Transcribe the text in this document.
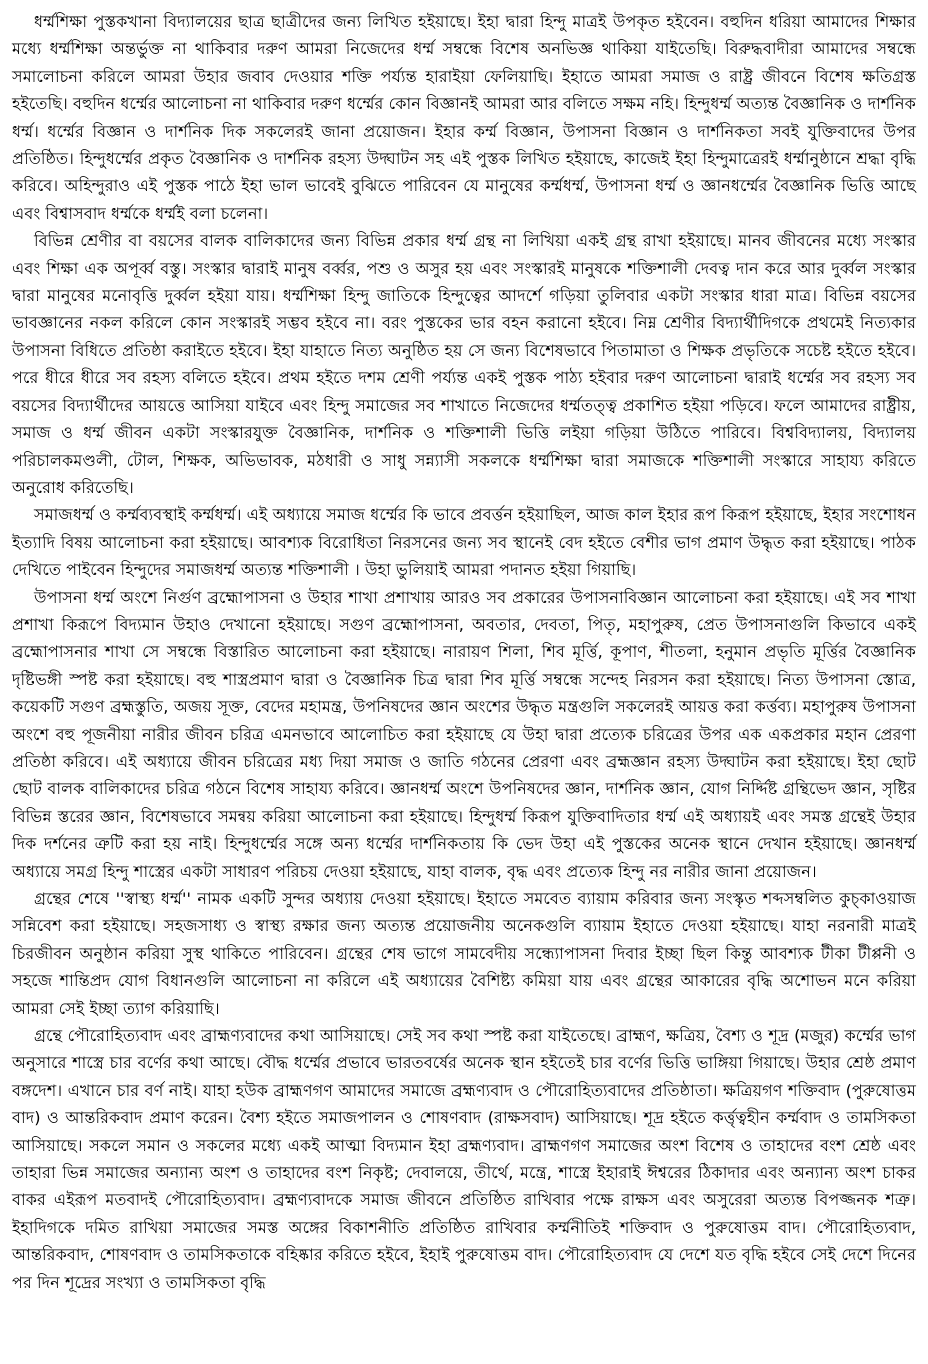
ধর্ম্মশিক্ষা পুস্তকখানা বিদ্যালয়ের ছাত্র ছাত্রীদের জন্য লিখিত হইয়াছে। ইহা দ্বারা হিন্দু মাত্রই উপকৃত হইবেন। বহুদিন ধরিয়া আমাদের শিক্ষার মধ্যে ধর্ম্মশিক্ষা অন্তর্ভুক্ত না থাকিবার দরুণ আমরা নিজেদের ধর্ম্ম সম্বন্ধে বিশেষ অনভিজ্ঞ থাকিয়া যাইতেছি। বিরুদ্ধবাদীরা আমাদের সম্বন্ধে সমালোচনা করিলে আমরা উহার জবাব দেওয়ার শক্তি পর্য্যন্ত হারাইয়া ফেলিয়াছি। ইহাতে আমরা সমাজ ও রাষ্ট্র জীবনে বিশেষ ক্ষতিগ্রস্ত হইতেছি। বহুদিন ধর্ম্মের আলোচনা না থাকিবার দরুণ ধর্ম্মের কোন বিজ্ঞানই আমরা আর বলিতে সক্ষম নহি। হিন্দুধর্ম্ম অত্যন্ত বৈজ্ঞানিক ও দার্শনিক ধর্ম্ম। ধর্ম্মের বিজ্ঞান ও দার্শনিক দিক সকলেরই জানা প্রয়োজন। ইহার কর্ম্ম বিজ্ঞান, উপাসনা বিজ্ঞান ও দার্শনিকতা সবই যুক্তিবাদের উপর প্রতিষ্ঠিত। হিন্দুধর্ম্মের প্রকৃত বৈজ্ঞানিক ও দার্শনিক রহস্য উদ্ঘাটন সহ এই পুস্তক লিখিত হইয়াছে, কাজেই ইহা হিন্দুমাত্রেরই ধর্ম্মানুষ্ঠানে শ্রদ্ধা বৃদ্ধি করিবে। অহিন্দুরাও এই পুস্তক পাঠে ইহা ভাল ভাবেই বুঝিতে পারিবেন যে মানুষের কর্ম্মধর্ম্ম, উপাসনা ধর্ম্ম ও জ্ঞানধর্ম্মের বৈজ্ঞানিক ভিত্তি আছে এবং বিশ্বাসবাদ ধর্ম্মকে ধর্ম্মই বলা চলেনা।

বিভিন্ন শ্রেণীর বা বয়সের বালক বালিকাদের জন্য বিভিন্ন প্রকার ধর্ম্ম গ্রন্থ না লিখিয়া একই গ্রন্থ রাখা হইয়াছে। মানব জীবনের মধ্যে সংস্কার এবং শিক্ষা এক অপূর্ব্ব বস্তু। সংস্কার দ্বারাই মানুষ বর্ব্বর, পশু ও অসুর হয় এবং সংস্কারই মানুষকে শক্তিশালী দেবত্ব দান করে আর দুর্ব্বল সংস্কার দ্বারা মানুষের মনোবৃত্তি দুর্ব্বল হইয়া যায়। ধর্ম্মশিক্ষা হিন্দু জাতিকে হিন্দুত্বের আদর্শে গড়িয়া তুলিবার একটা সংস্কার ধারা মাত্র। বিভিন্ন বয়সের ভাবজ্ঞানের নকল করিলে কোন সংস্কারই সম্ভব হইবে না। বরং পুস্তকের ভার বহন করানো হইবে। নিম্ন শ্রেণীর বিদ্যার্থীদিগকে প্রথমেই নিত্যকার উপাসনা বিধিতে প্রতিষ্ঠা করাইতে হইবে। ইহা যাহাতে নিত্য অনুষ্ঠিত হয় সে জন্য বিশেষভাবে পিতামাতা ও শিক্ষক প্রভৃতিকে সচেষ্ট হইতে হইবে। পরে ধীরে ধীরে সব রহস্য বলিতে হইবে। প্রথম হইতে দশম শ্রেণী পর্য্যন্ত একই পুস্তক পাঠ্য হইবার দরুণ আলোচনা দ্বারাই ধর্ম্মের সব রহস্য সব বয়সের বিদ্যার্থীদের আয়ত্তে আসিয়া যাইবে এবং হিন্দু সমাজের সব শাখাতে নিজেদের ধর্ম্মতত্ত্ব প্রকাশিত হইয়া পড়িবে। ফলে আমাদের রাষ্ট্রীয়, সমাজ ও ধর্ম্ম জীবন একটা সংস্কারযুক্ত বৈজ্ঞানিক, দার্শনিক ও শক্তিশালী ভিত্তি লইয়া গড়িয়া উঠিতে পারিবে। বিশ্ববিদ্যালয়, বিদ্যালয় পরিচালকমণ্ডলী, টোল, শিক্ষক, অভিভাবক, মঠধারী ও সাধু সন্ন্যাসী সকলকে ধর্ম্মশিক্ষা দ্বারা সমাজকে শক্তিশালী সংস্কারে সাহায্য করিতে অনুরোধ করিতেছি।

সমাজধর্ম্ম ও কর্ম্মব্যবস্থাই কর্ম্মধর্ম্ম। এই অধ্যায়ে সমাজ ধর্ম্মের কি ভাবে প্রবর্ত্তন হইয়াছিল, আজ কাল ইহার রূপ কিরূপ হইয়াছে, ইহার সংশোধন ইত্যাদি বিষয় আলোচনা করা হইয়াছে। আবশ্যক বিরোধিতা নিরসনের জন্য সব স্থানেই বেদ হইতে বেশীর ভাগ প্রমাণ উদ্ধৃত করা হইয়াছে। পাঠক দেখিতে পাইবেন হিন্দুদের সমাজধর্ম্ম অত্যন্ত শক্তিশালী । উহা ভুলিয়াই আমরা পদানত হইয়া গিয়াছি।

উপাসনা ধর্ম্ম অংশে নির্গুণ ব্রহ্মোপাসনা ও উহার শাখা প্রশাখায় আরও সব প্রকারের উপাসনাবিজ্ঞান আলোচনা করা হইয়াছে। এই সব শাখা প্রশাখা কিরূপে বিদ্যমান উহাও দেখানো হইয়াছে। সগুণ ব্রহ্মোপাসনা, অবতার, দেবতা, পিতৃ, মহাপুরুষ, প্রেত উপাসনাগুলি কিভাবে একই ব্রহ্মোপাসনার শাখা সে সম্বন্ধে বিস্তারিত আলোচনা করা হইয়াছে। নারায়ণ শিলা, শিব মূর্ত্তি, কূপাণ, শীতলা, হনুমান প্রভৃতি মূর্ত্তির বৈজ্ঞানিক দৃষ্টিভঙ্গী স্পষ্ট করা হইয়াছে। বহু শাস্ত্রপ্রমাণ দ্বারা ও বৈজ্ঞানিক চিত্র দ্বারা শিব মূর্ত্তি সম্বন্ধে সন্দেহ নিরসন করা হইয়াছে। নিত্য উপাসনা স্তোত্র, কয়েকটি সগুণ ব্রহ্মস্তুতি, অজয় সূক্ত, বেদের মহামন্ত্র, উপনিষদের জ্ঞান অংশের উদ্ধৃত মন্ত্রগুলি সকলেরই আয়ত্ত করা কর্ত্তব্য। মহাপুরুষ উপাসনা অংশে বহু পূজনীয়া নারীর জীবন চরিত্র এমনভাবে আলোচিত করা হইয়াছে যে উহা দ্বারা প্রত্যেক চরিত্রের উপর এক একপ্রকার মহান প্রেরণা প্রতিষ্ঠা করিবে। এই অধ্যায়ে জীবন চরিত্রের মধ্য দিয়া সমাজ ও জাতি গঠনের প্রেরণা এবং ব্রহ্মজ্ঞান রহস্য উদ্ঘাটন করা হইয়াছে। ইহা ছোট ছোট বালক বালিকাদের চরিত্র গঠনে বিশেষ সাহায্য করিবে। জ্ঞানধর্ম্ম অংশে উপনিষদের জ্ঞান, দার্শনিক জ্ঞান, যোগ নির্দ্দিষ্ট গ্রন্থিভেদ জ্ঞান, সৃষ্টির বিভিন্ন স্তরের জ্ঞান, বিশেষভাবে সমন্বয় করিয়া আলোচনা করা হইয়াছে। হিন্দুধর্ম্ম কিরূপ যুক্তিবাদিতার ধর্ম্ম এই অধ্যায়ই এবং সমস্ত গ্রন্থেই উহার দিক দর্শনের ত্রুটি করা হয় নাই। হিন্দুধর্ম্মের সঙ্গে অন্য ধর্ম্মের দার্শনিকতায় কি ভেদ উহা এই পুস্তকের অনেক স্থানে দেখান হইয়াছে। জ্ঞানধর্ম্ম অধ্যায়ে সমগ্র হিন্দু শাস্ত্রের একটা সাধারণ পরিচয় দেওয়া হইয়াছে, যাহা বালক, বৃদ্ধ এবং প্রত্যেক হিন্দু নর নারীর জানা প্রয়োজন।

গ্রন্থের শেষে ''স্বাস্থ্য ধর্ম্ম'' নামক একটি সুন্দর অধ্যায় দেওয়া হইয়াছে। ইহাতে সমবেত ব্যায়াম করিবার জন্য সংস্কৃত শব্দসম্বলিত কুচ্কাওয়াজ সন্নিবেশ করা হইয়াছে। সহজসাধ্য ও স্বাস্থ্য রক্ষার জন্য অত্যন্ত প্রয়োজনীয় অনেকগুলি ব্যায়াম ইহাতে দেওয়া হইয়াছে। যাহা নরনারী মাত্রই চিরজীবন অনুষ্ঠান করিয়া সুস্থ থাকিতে পারিবেন। গ্রন্থের শেষ ভাগে সামবেদীয় সন্ধ্যোপাসনা দিবার ইচ্ছা ছিল কিন্তু আবশ্যক টীকা টীপ্পনী ও সহজে শান্তিপ্রদ যোগ বিধানগুলি আলোচনা না করিলে এই অধ্যায়ের বৈশিষ্ট্য কমিয়া যায় এবং গ্রন্থের আকারের বৃদ্ধি অশোভন মনে করিয়া আমরা সেই ইচ্ছা ত্যাগ করিয়াছি।

গ্রন্থে পৌরোহিত্যবাদ এবং ব্রাহ্মণ্যবাদের কথা আসিয়াছে। সেই সব কথা স্পষ্ট করা যাইতেছে। ব্রাহ্মণ, ক্ষত্রিয়, বৈশ্য ও শূদ্র (মজুর) কর্ম্মের ভাগ অনুসারে শাস্ত্রে চার বর্ণের কথা আছে। বৌদ্ধ ধর্ম্মের প্রভাবে ভারতবর্ষের অনেক স্থান হইতেই চার বর্ণের ভিত্তি ভাঙ্গিয়া গিয়াছে। উহার শ্রেষ্ঠ প্রমাণ বঙ্গদেশ। এখানে চার বর্ণ নাই। যাহা হউক ব্রাহ্মণগণ আমাদের সমাজে ব্রহ্মণ্যবাদ ও পৌরোহিত্যবাদের প্রতিষ্ঠাতা। ক্ষত্রিয়গণ শক্তিবাদ (পুরুষোত্তম বাদ) ও আন্তরিকবাদ প্রমাণ করেন। বৈশ্য হইতে সমাজপালন ও শোষণবাদ (রাক্ষসবাদ) আসিয়াছে। শূদ্র হইতে কর্ত্তৃত্বহীন কর্ম্মবাদ ও তামসিকতা আসিয়াছে। সকলে সমান ও সকলের মধ্যে একই আত্মা বিদ্যমান ইহা ব্রহ্মণ্যবাদ। ব্রাহ্মণগণ সমাজের অংশ বিশেষ ও তাহাদের বংশ শ্রেষ্ঠ এবং তাহারা ভিন্ন সমাজের অন্যান্য অংশ ও তাহাদের বংশ নিকৃষ্ট; দেবালয়ে, তীর্থে, মন্ত্রে, শাস্ত্রে ইহারাই ঈশ্বরের ঠিকাদার এবং অন্যান্য অংশ চাকর বাকর এইরূপ মতবাদই পৌরোহিত্যবাদ। ব্রহ্মণ্যবাদকে সমাজ জীবনে প্রতিষ্ঠিত রাখিবার পক্ষে রাক্ষস এবং অসুরেরা অত্যন্ত বিপজ্জনক শত্রু। ইহাদিগকে দমিত রাখিয়া সমাজের সমস্ত অঙ্গের বিকাশনীতি প্রতিষ্ঠিত রাখিবার কর্ম্মনীতিই শক্তিবাদ ও পুরুষোত্তম বাদ। পৌরোহিত্যবাদ, আন্তরিকবাদ, শোষণবাদ ও তামসিকতাকে বহিষ্কার করিতে হইবে, ইহাই পুরুষোত্তম বাদ। পৌরোহিত্যবাদ যে দেশে যত বৃদ্ধি হইবে সেই দেশে দিনের পর দিন শূদ্রের সংখ্যা ও তামসিকতা বৃদ্ধি
